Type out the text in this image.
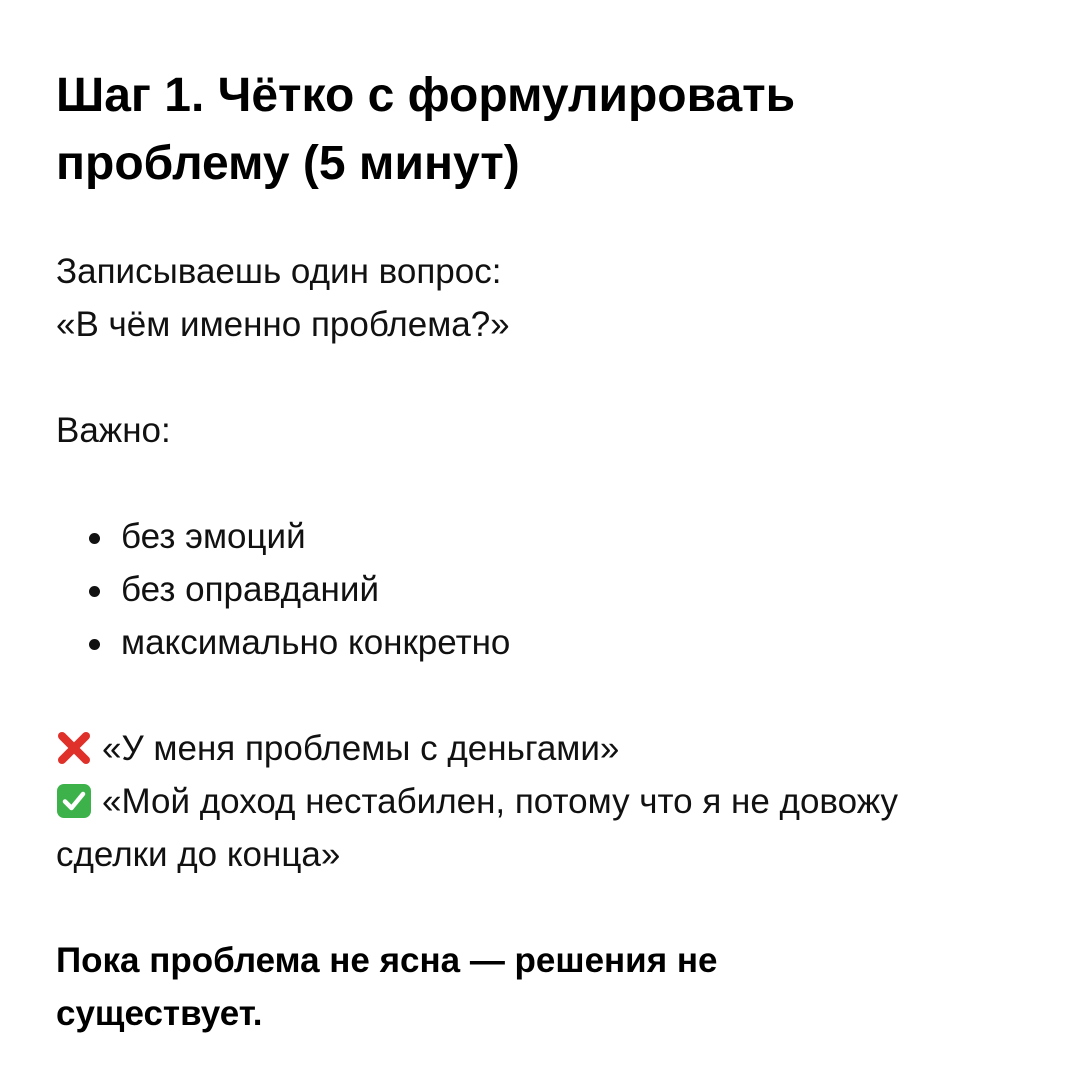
Шаг 1. Чётко с формулировать
проблему (5 минут)
Записываешь один вопрос:
«В чём именно проблема?»
Важно:
без эмоций
без оправданий
максимально конкретно
«У меня проблемы с деньгами»
«Мой доход нестабилен, потому что я не довожу
сделки до конца»
Пока проблема не ясна — решения не
существует.
